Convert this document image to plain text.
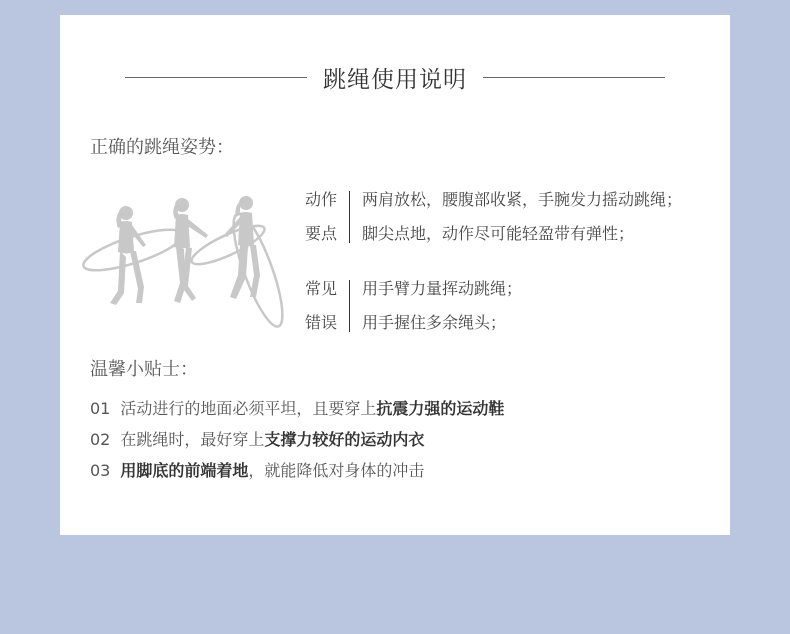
跳绳使用说明
正确的跳绳姿势：
动作
要点
两肩放松，腰腹部收紧，手腕发力摇动跳绳；
脚尖点地，动作尽可能轻盈带有弹性；
常见
错误
用手臂力量挥动跳绳；
用手握住多余绳头；
温馨小贴士：
01 活动进行的地面必须平坦，且要穿上抗震力强的运动鞋
02 在跳绳时，最好穿上支撑力较好的运动内衣
03 用脚底的前端着地，就能降低对身体的冲击
